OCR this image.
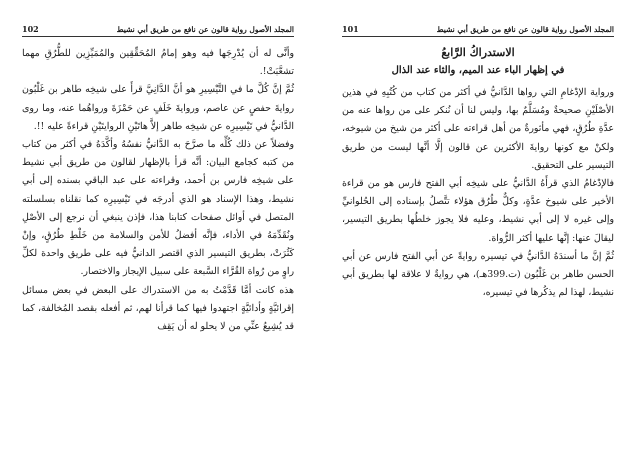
102	المجلد الأصول رواية قالون عن نافع من طريق أبي نشيط

وأنَّى له أن يُدْرِجَها فيه وهو إمامُ المُحَقِّقِين والمُمَيِّزِين للطُّرُقِ مهما تشعَّبَتْ!.

ثُمَّ إنَّ كُلَّ ما في التَّيْسِيرِ هو أنَّ الدَّانِيَّ قرأَ على شيخِه طاهر بن غَلْبُون روايةَ حفصٍ عن عاصم، وروايةَ خَلَفٍ عن حَمْزَةَ ورواهُما عنه، وما روى الدَّانيُّ في تَيْسِيرِه عن شيخِه طاهر إلاَّ هاتَيْنِ الروايتَيْنِ قراءةً عليه !!.

وفضلاً عن ذلك كُلِّه ما صرَّحَ به الدَّانيُّ نفسُهُ وأكَّدَهُ في أكثر من كتاب من كتبه كجامع البيان: أنَّه قرأ بالإظهار لقالون من طريق أبي نشيط على شيخِه فارس بن أحمد، وقراءته على عبد الباقي بسنده إلى أبي نشيط، وهذا الإسناد هو الذي أدرجَه في تَيْسِيرِه كما نقلناه بسلسلته المتصل في أوائل صفحات كتابنا هذا، فإذن ينبغي أن نرجع إلى الأصْلِ ونُقَدِّمَهُ في الأداء، فإنَّه أفضلُ للأمن والسلامة من خَلْطِ طُرُقٍ، وإنْ كَثُرَتْ، بطريق التيسير الذي اقتصر الدانيُّ فيه على طريق واحدة لكلِّ راوٍ من رُواة القُرَّاء السَّبعة على سبيل الإيجاز والاختصار.

هذه كانت أمَّا قَدَّمْتُ به من الاستدراك على البعض في بعض مسائل إقرائيَّةٍ وأدائيَّةٍ اجتهدوا فيها كما قرأنا لهم، ثم أفعله بقصد المُخالفة، كما قد يُشِيعُ عنِّي من لا يحلو له أن يَقِف

101	المجلد الأصول رواية قالون عن نافع من طريق أبي نشيط
الاستدراكُ الرَّابعُ
في إظهار الباء عند الميم، والثاء عند الذال

ورواية الإدْغامِ التي رواها الدَّانيُّ في أكثر من كتاب من كُتُبِهِ في هذين الأصْلَيْنِ صحيحةٌ ومُسَلَّمٌ بها، وليس لنا أن نُنكر على من رواها عنه من عدَّةِ طُرُقٍ، فهي مأثورةٌ من أهل قراءته على أكثر من شيخ من شيوخه، ولكنْ مع كونها روايةَ الأكثرين عن قالون إلَّا أنَّها ليست من طريق التيسير على التحقيق.

فالإدْغامُ الذي قرأَهُ الدَّانيُّ على شيخِه أبي الفتح فارس هو من قراءة الأخير على شيوخ عدَّةٍ، وكلٌّ طُرُق هؤلاء تتَّصلُ بإسناده إلى الحُلوانيِّ وإلى غيره لا إلى أبي نشيط، وعليه فلا يجوز خلطُها بطريق التيسير، ليقالَ عنها: إنَّها عليها أكثر الرُّواة.

ثُمَّ إنَّ ما أسندَهُ الدَّانيُّ في تيسيره روايةً عن أبي الفتح فارس عن أبي الحسن طاهر بن غَلْبُون (ت.399هـ)، هي روايةٌ لا علاقة لها بطريق أبي نشيط، لهذا لم يذكُرها في تيسيره،
